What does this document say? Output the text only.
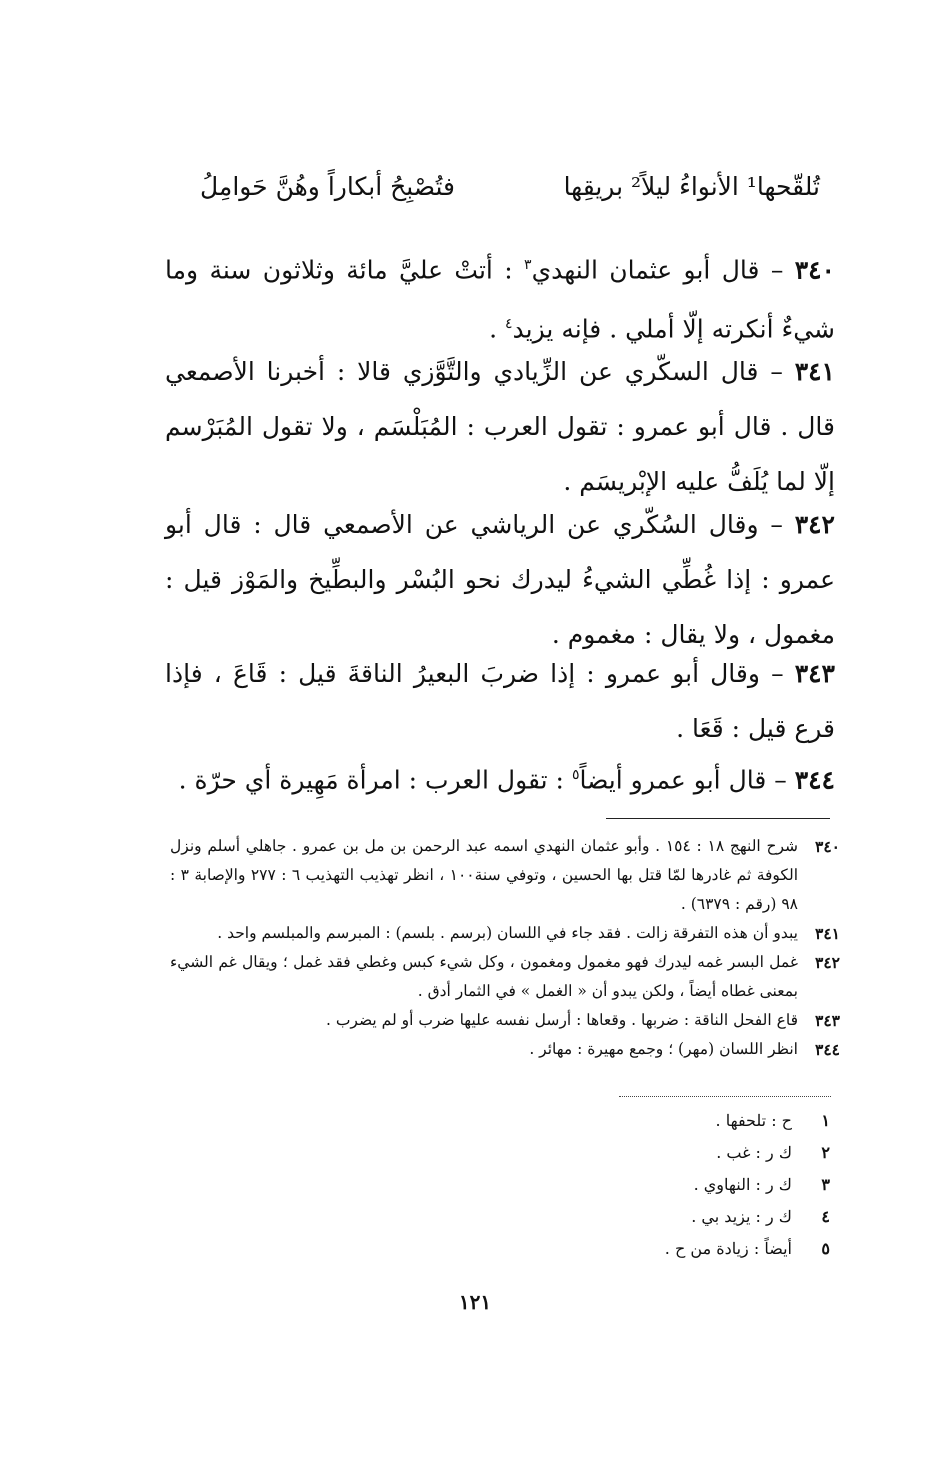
تُلقّحها¹ الأنواءُ ليلاً² بريقِها
فتُصْبِحُ أبكاراً وهُنَّ حَوامِلُ
٣٤٠ – قال أبو عثمان النهدي$^٣$ : أتتْ عليَّ مائة وثلاثون سنة وما شيءٌ أنكرته إلّا أملي . فإنه يزيد$^٤$ .
٣٤١ – قال السكّري عن الزِّيادي والتَّوَّزي قالا : أخبرنا الأصمعي قال . قال أبو عمرو : تقول العرب : المُبَلْسَم ، ولا تقول المُبَرْسم إلّا لما يُلَفُّ عليه الإبْريسَم .
٣٤٢ – وقال السُكّري عن الرياشي عن الأصمعي قال : قال أبو عمرو : إذا غُطِّي الشيءُ ليدرك نحو البُسْر والبطِّيخ والمَوْز قيل : مغمول ، ولا يقال : مغموم .
٣٤٣ – وقال أبو عمرو : إذا ضربَ البعيرُ الناقةَ قيل : قَاعَ ، فإذا قرع قيل : قَعَا .
٣٤٤ – قال أبو عمرو أيضاً$^٥$ : تقول العرب : امرأة مَهِيرة أي حرّة .
٣٤٠
شرح النهج ١٨ : ١٥٤ . وأبو عثمان النهدي اسمه عبد الرحمن بن مل بن عمرو . جاهلي أسلم ونزل الكوفة ثم غادرها لمّا قتل بها الحسين ، وتوفي سنة١٠٠ ، انظر تهذيب التهذيب ٦ : ٢٧٧ والإصابة ٣ : ٩٨ (رقم : ٦٣٧٩) .
٣٤١
يبدو أن هذه التفرقة زالت . فقد جاء في اللسان (برسم . بلسم) : المبرسم والمبلسم واحد .
٣٤٢
غمل البسر غمه ليدرك فهو مغمول ومغمون ، وكل شيء كبس وغطي فقد غمل ؛ ويقال غم الشيء بمعنى غطاه أيضاً ، ولكن يبدو أن « الغمل » في الثمار أدق .
٣٤٣
قاع الفحل الناقة : ضربها . وقعاها : أرسل نفسه عليها ضرب أو لم يضرب .
٣٤٤
انظر اللسان (مهر) ؛ وجمع مهيرة : مهائر .
١
ح : تلحفها .
٢
ك ر : غب .
٣
ك ر : النهاوي .
٤
ك ر : يزيد بي .
٥
أيضاً : زيادة من ح .
١٢١
